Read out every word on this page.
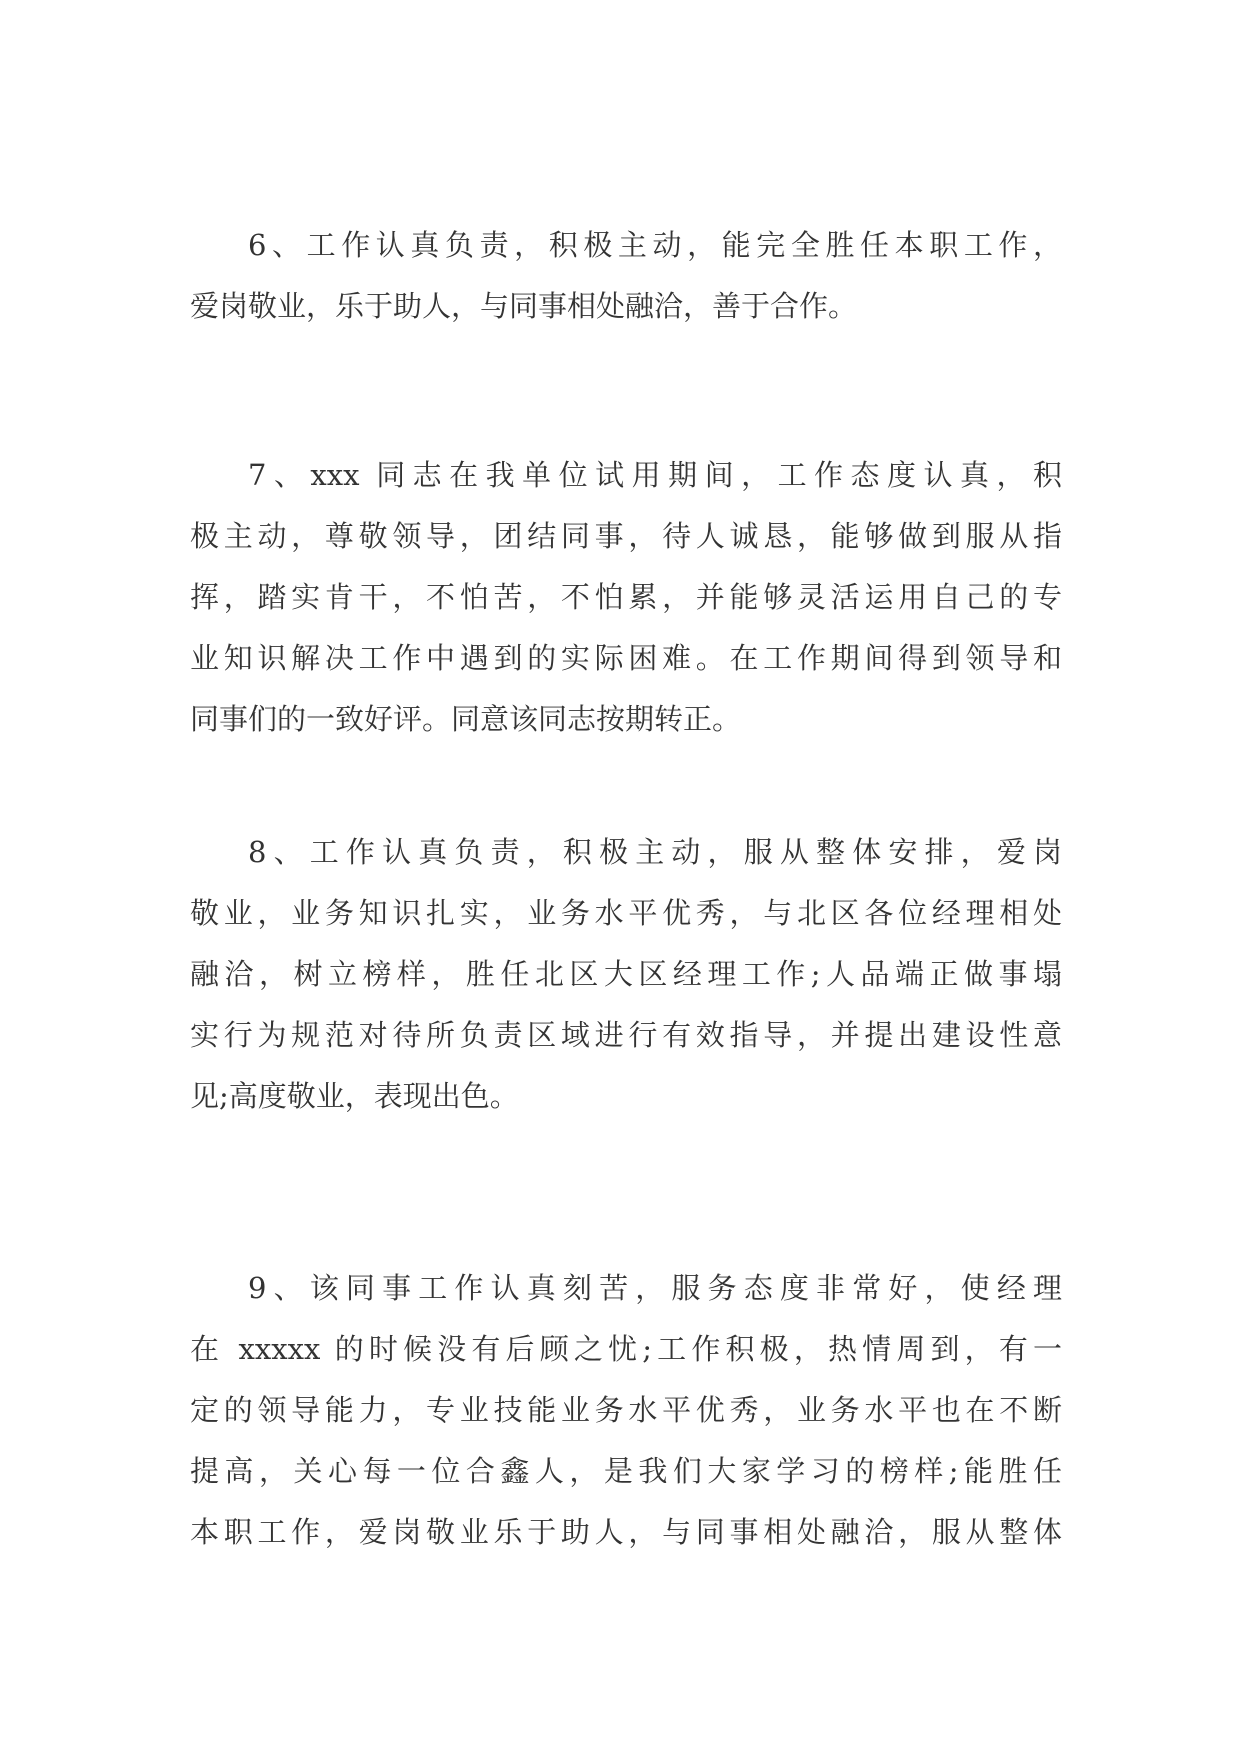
6、工作认真负责，积极主动，能完全胜任本职工作，
爱岗敬业，乐于助人，与同事相处融洽，善于合作。
7、xxx 同志在我单位试用期间，工作态度认真，积
极主动，尊敬领导，团结同事，待人诚恳，能够做到服从指
挥，踏实肯干，不怕苦，不怕累，并能够灵活运用自己的专
业知识解决工作中遇到的实际困难。在工作期间得到领导和
同事们的一致好评。同意该同志按期转正。
8、工作认真负责，积极主动，服从整体安排，爱岗
敬业，业务知识扎实，业务水平优秀，与北区各位经理相处
融洽，树立榜样，胜任北区大区经理工作;人品端正做事塌
实行为规范对待所负责区域进行有效指导，并提出建设性意
见;高度敬业，表现出色。
9、该同事工作认真刻苦，服务态度非常好，使经理
在 xxxxx 的时候没有后顾之忧;工作积极，热情周到，有一
定的领导能力，专业技能业务水平优秀，业务水平也在不断
提高，关心每一位合鑫人，是我们大家学习的榜样;能胜任
本职工作，爱岗敬业乐于助人，与同事相处融洽，服从整体
